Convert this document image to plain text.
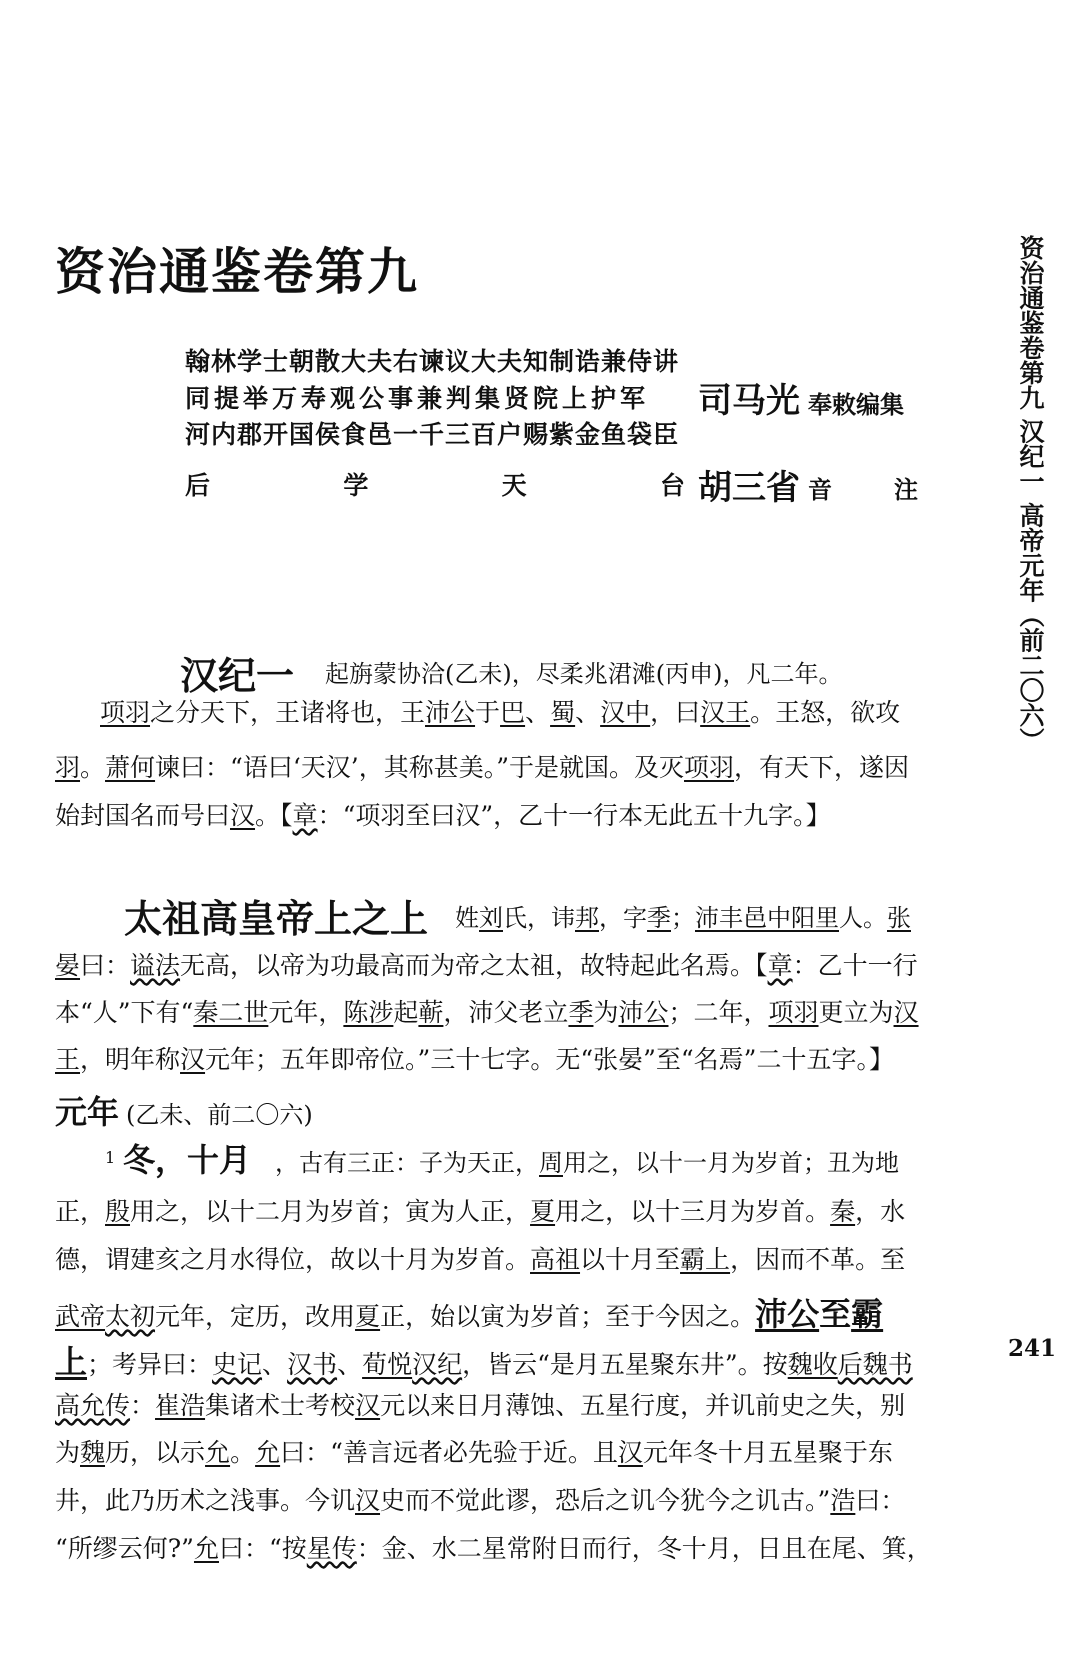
资治通鉴卷第九
翰林学士朝散大夫右谏议大夫知制诰兼侍讲
同提举万寿观公事兼判集贤院上护军
河内郡开国侯食邑一千三百户赐紫金鱼袋臣
后	学	天	台
司马光 奉敕编集
胡三省 音	注
汉纪一 起旃蒙协洽(乙未)，尽柔兆涒滩(丙申)，凡二年。

项羽之分天下，王诸将也，王沛公于巴、蜀、汉中，曰汉王。王怒，欲攻

羽。萧何谏曰：“语曰‘天汉’，其称甚美。”于是就国。及灭项羽，有天下，遂因

始封国名而号曰汉。【章：“项羽至曰汉”，乙十一行本无此五十九字。】

太祖高皇帝上之上 姓刘氏，讳邦，字季；沛丰邑中阳里人。张

晏曰：谥法无高，以帝为功最高而为帝之太祖，故特起此名焉。【章：乙十一行

本“人”下有“秦二世元年，陈涉起蕲，沛父老立季为沛公；二年，项羽更立为汉

王，明年称汉元年；五年即帝位。”三十七字。无“张晏”至“名焉”二十五字。】

元年 (乙未、前二〇六)
1 冬，十月 ，古有三正：子为天正，周用之，以十一月为岁首；丑为地

正，殷用之，以十二月为岁首；寅为人正，夏用之，以十三月为岁首。秦，水

德，谓建亥之月水得位，故以十月为岁首。高祖以十月至霸上，因而不革。至

武帝太初元年，定历，改用夏正，始以寅为岁首；至于今因之。沛公至霸

上；考异曰：史记、汉书、荀悦汉纪，皆云“是月五星聚东井”。按魏收后魏书

高允传：崔浩集诸术士考校汉元以来日月薄蚀、五星行度，并讥前史之失，别

为魏历，以示允。允曰：“善言远者必先验于近。且汉元年冬十月五星聚于东

井，此乃历术之浅事。今讥汉史而不觉此谬，恐后之讥今犹今之讥古。”浩曰：

“所缪云何?”允曰：“按星传：金、水二星常附日而行，冬十月，日且在尾、箕，

资治通鉴卷第九 汉纪一 高帝元年（前二〇六）
241
